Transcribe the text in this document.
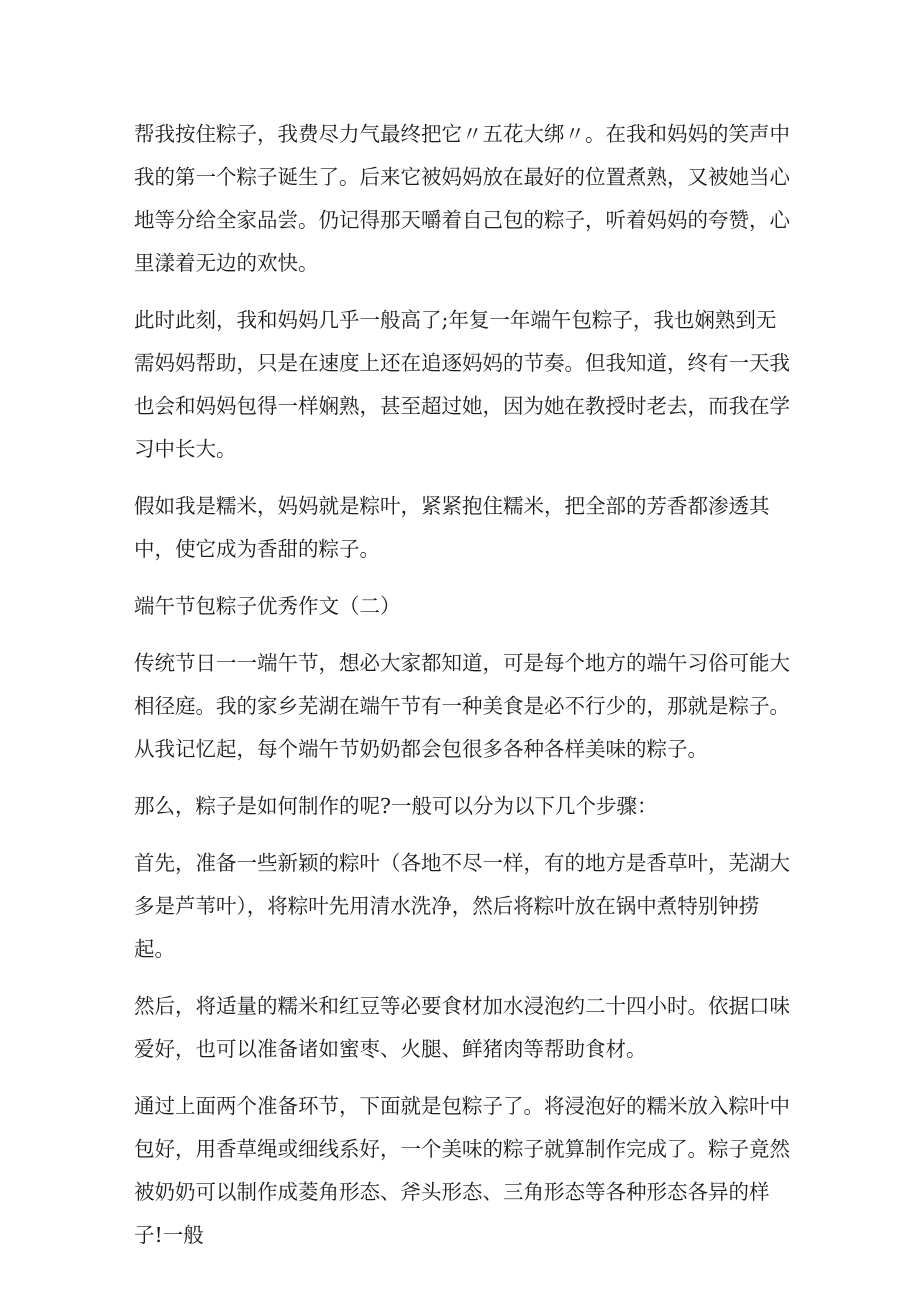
帮我按住粽子，我费尽力气最终把它〃五花大绑〃。在我和妈妈的笑声中我的第一个粽子诞生了。后来它被妈妈放在最好的位置煮熟，又被她当心地等分给全家品尝。仍记得那天嚼着自己包的粽子，听着妈妈的夸赞，心里漾着无边的欢快。

此时此刻，我和妈妈几乎一般高了;年复一年端午包粽子，我也娴熟到无需妈妈帮助，只是在速度上还在追逐妈妈的节奏。但我知道，终有一天我也会和妈妈包得一样娴熟，甚至超过她，因为她在教授时老去，而我在学习中长大。

假如我是糯米，妈妈就是粽叶，紧紧抱住糯米，把全部的芳香都渗透其中，使它成为香甜的粽子。

端午节包粽子优秀作文（二）

传统节日一一端午节，想必大家都知道，可是每个地方的端午习俗可能大相径庭。我的家乡芜湖在端午节有一种美食是必不行少的，那就是粽子。从我记忆起，每个端午节奶奶都会包很多各种各样美味的粽子。

那么，粽子是如何制作的呢?一般可以分为以下几个步骤：

首先，准备一些新颖的粽叶（各地不尽一样，有的地方是香草叶，芜湖大多是芦苇叶），将粽叶先用清水洗净，然后将粽叶放在锅中煮特别钟捞起。

然后，将适量的糯米和红豆等必要食材加水浸泡约二十四小时。依据口味爱好，也可以准备诸如蜜枣、火腿、鲜猪肉等帮助食材。

通过上面两个准备环节，下面就是包粽子了。将浸泡好的糯米放入粽叶中包好，用香草绳或细线系好，一个美味的粽子就算制作完成了。粽子竟然被奶奶可以制作成菱角形态、斧头形态、三角形态等各种形态各异的样子!一般
